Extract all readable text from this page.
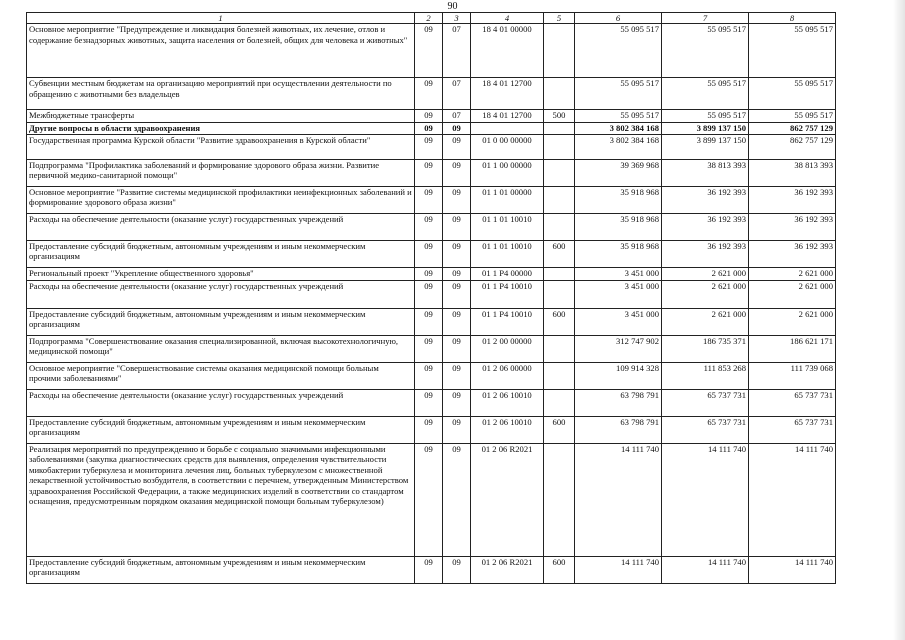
90
1	2	3	4	5	6	7	8
Основное мероприятие "Предупреждение и ликвидация болезней животных, их лечение, отлов и содержание безнадзорных животных, защита населения от болезней, общих для человека и животных"	09	07	18 4 01 00000		55 095 517	55 095 517	55 095 517
Субвенции местным бюджетам на организацию мероприятий при осуществлении деятельности по обращению с животными без владельцев	09	07	18 4 01 12700		55 095 517	55 095 517	55 095 517
Межбюджетные трансферты	09	07	18 4 01 12700	500	55 095 517	55 095 517	55 095 517
Другие вопросы в области здравоохранения	09	09			3 802 384 168	3 899 137 150	862 757 129
Государственная программа Курской области "Развитие здравоохранения в Курской области"	09	09	01 0 00 00000		3 802 384 168	3 899 137 150	862 757 129
Подпрограмма "Профилактика заболеваний и формирование здорового образа жизни. Развитие первичной медико-санитарной помощи"	09	09	01 1 00 00000		39 369 968	38 813 393	38 813 393
Основное мероприятие "Развитие системы медицинской профилактики неинфекционных заболеваний и формирование здорового образа жизни"	09	09	01 1 01 00000		35 918 968	36 192 393	36 192 393
Расходы на обеспечение деятельности (оказание услуг) государственных учреждений	09	09	01 1 01 10010		35 918 968	36 192 393	36 192 393
Предоставление субсидий бюджетным, автономным учреждениям и иным некоммерческим организациям	09	09	01 1 01 10010	600	35 918 968	36 192 393	36 192 393
Региональный проект "Укрепление общественного здоровья"	09	09	01 1 P4 00000		3 451 000	2 621 000	2 621 000
Расходы на обеспечение деятельности (оказание услуг) государственных учреждений	09	09	01 1 P4 10010		3 451 000	2 621 000	2 621 000
Предоставление субсидий бюджетным, автономным учреждениям и иным некоммерческим организациям	09	09	01 1 P4 10010	600	3 451 000	2 621 000	2 621 000
Подпрограмма "Совершенствование оказания специализированной, включая высокотехнологичную, медицинской помощи"	09	09	01 2 00 00000		312 747 902	186 735 371	186 621 171
Основное мероприятие "Совершенствование системы оказания медицинской помощи больным прочими заболеваниями"	09	09	01 2 06 00000		109 914 328	111 853 268	111 739 068
Расходы на обеспечение деятельности (оказание услуг) государственных учреждений	09	09	01 2 06 10010		63 798 791	65 737 731	65 737 731
Предоставление субсидий бюджетным, автономным учреждениям и иным некоммерческим организациям	09	09	01 2 06 10010	600	63 798 791	65 737 731	65 737 731
Реализация мероприятий по предупреждению и борьбе с социально значимыми инфекционными заболеваниями (закупка диагностических средств для выявления, определения чувствительности микобактерии туберкулеза и мониторинга лечения лиц, больных туберкулезом с множественной лекарственной устойчивостью возбудителя, в соответствии с перечнем, утвержденным Министерством здравоохранения Российской Федерации, а также медицинских изделий в соответствии со стандартом оснащения, предусмотренным порядком оказания медицинской помощи больным туберкулезом)	09	09	01 2 06 R2021		14 111 740	14 111 740	14 111 740
Предоставление субсидий бюджетным, автономным учреждениям и иным некоммерческим организациям	09	09	01 2 06 R2021	600	14 111 740	14 111 740	14 111 740
